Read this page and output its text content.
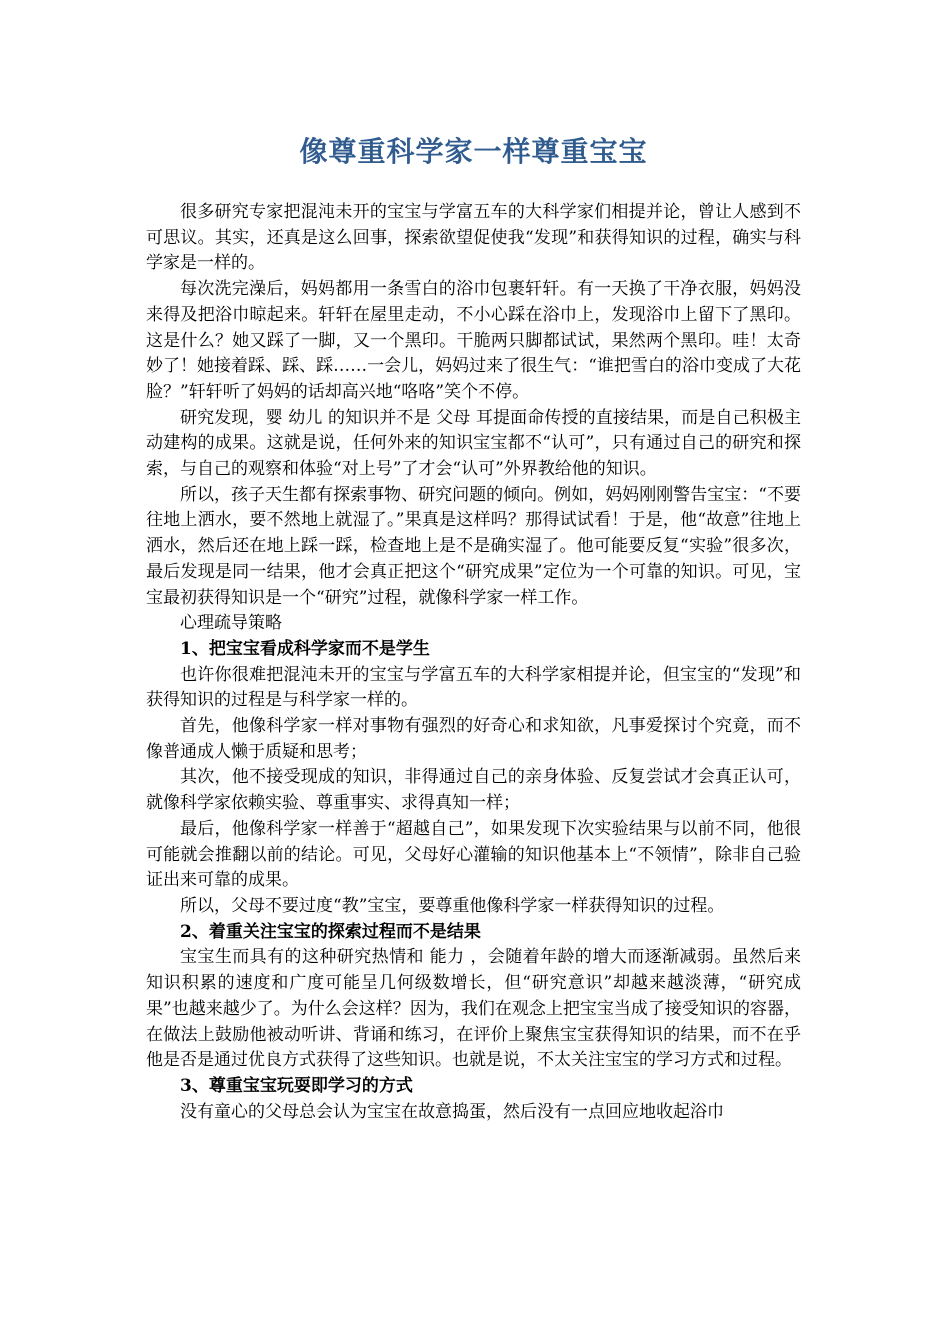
像尊重科学家一样尊重宝宝

很多研究专家把混沌未开的宝宝与学富五车的大科学家们相提并论，曾让人感到不可思议。其实，还真是这么回事，探索欲望促使我“发现”和获得知识的过程，确实与科学家是一样的。

每次洗完澡后，妈妈都用一条雪白的浴巾包裹轩轩。有一天换了干净衣服，妈妈没来得及把浴巾晾起来。轩轩在屋里走动，不小心踩在浴巾上，发现浴巾上留下了黑印。这是什么？她又踩了一脚，又一个黑印。干脆两只脚都试试，果然两个黑印。哇！太奇妙了！她接着踩、踩、踩……一会儿，妈妈过来了很生气：“谁把雪白的浴巾变成了大花脸？”轩轩听了妈妈的话却高兴地“咯咯”笑个不停。

研究发现，婴 幼儿 的知识并不是 父母 耳提面命传授的直接结果，而是自己积极主动建构的成果。这就是说，任何外来的知识宝宝都不“认可”，只有通过自己的研究和探索，与自己的观察和体验“对上号”了才会“认可”外界教给他的知识。

所以，孩子天生都有探索事物、研究问题的倾向。例如，妈妈刚刚警告宝宝：“不要往地上洒水，要不然地上就湿了。”果真是这样吗？那得试试看！于是，他“故意”往地上洒水，然后还在地上踩一踩，检查地上是不是确实湿了。他可能要反复“实验”很多次，最后发现是同一结果，他才会真正把这个“研究成果”定位为一个可靠的知识。可见，宝宝最初获得知识是一个“研究”过程，就像科学家一样工作。

心理疏导策略

1、把宝宝看成科学家而不是学生

也许你很难把混沌未开的宝宝与学富五车的大科学家相提并论，但宝宝的“发现”和获得知识的过程是与科学家一样的。

首先，他像科学家一样对事物有强烈的好奇心和求知欲，凡事爱探讨个究竟，而不像普通成人懒于质疑和思考；

其次，他不接受现成的知识，非得通过自己的亲身体验、反复尝试才会真正认可，就像科学家依赖实验、尊重事实、求得真知一样；

最后，他像科学家一样善于“超越自己”，如果发现下次实验结果与以前不同，他很可能就会推翻以前的结论。可见，父母好心灌输的知识他基本上“不领情”，除非自己验证出来可靠的成果。

所以，父母不要过度“教”宝宝，要尊重他像科学家一样获得知识的过程。

2、着重关注宝宝的探索过程而不是结果

宝宝生而具有的这种研究热情和 能力 ，会随着年龄的增大而逐渐减弱。虽然后来知识积累的速度和广度可能呈几何级数增长，但“研究意识”却越来越淡薄，“研究成果”也越来越少了。为什么会这样？因为，我们在观念上把宝宝当成了接受知识的容器，在做法上鼓励他被动听讲、背诵和练习，在评价上聚焦宝宝获得知识的结果，而不在乎他是否是通过优良方式获得了这些知识。也就是说，不太关注宝宝的学习方式和过程。

3、尊重宝宝玩耍即学习的方式

没有童心的父母总会认为宝宝在故意捣蛋，然后没有一点回应地收起浴巾
